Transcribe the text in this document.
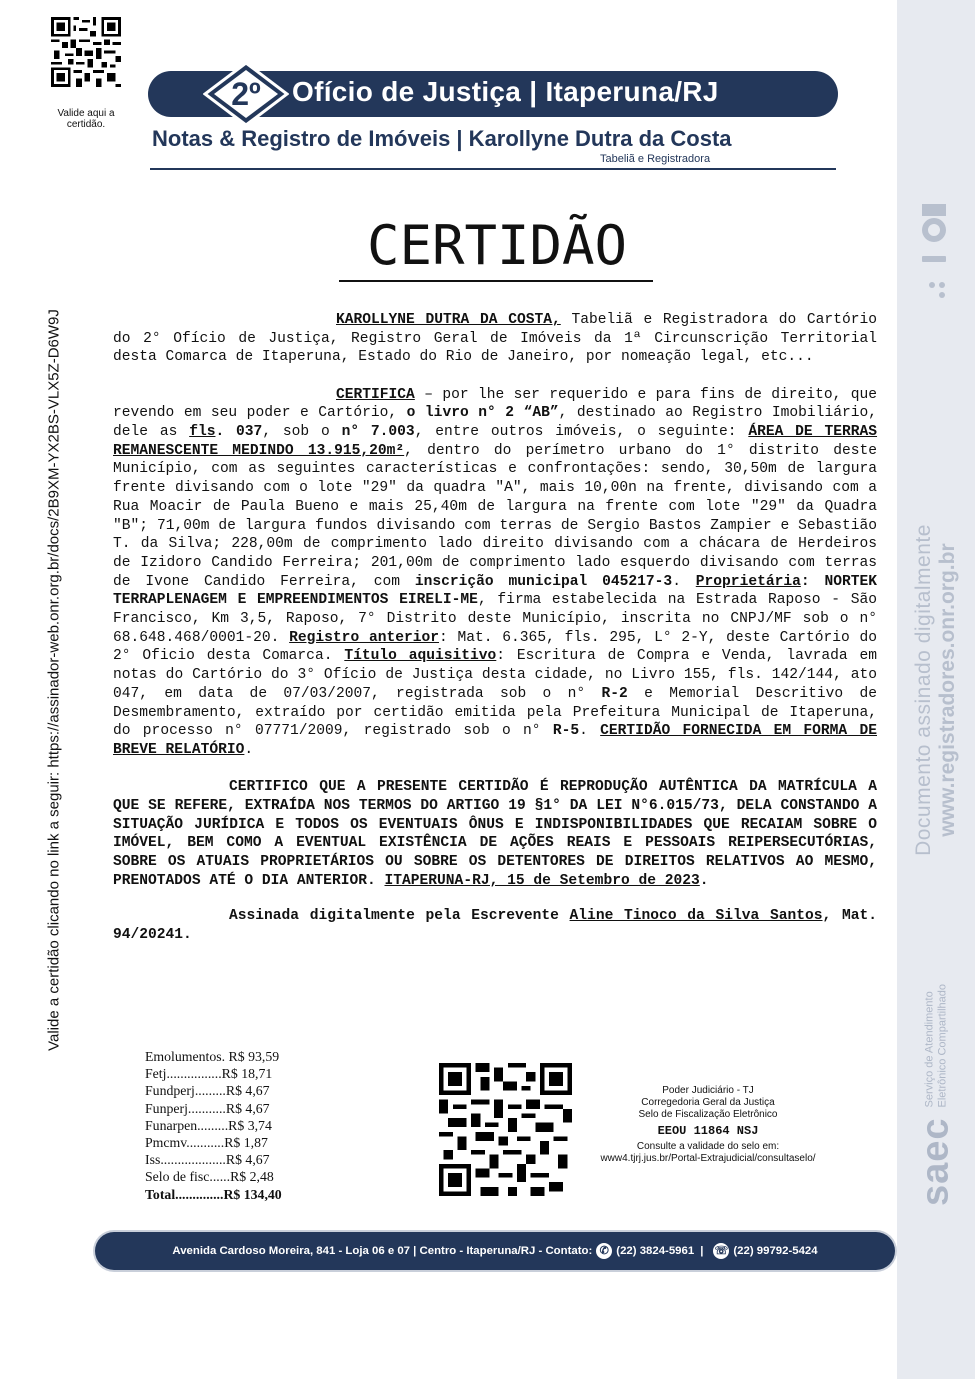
Documento assinado digitalmente www.registradores.onr.org.br
saec
Serviço de Atendimento
Eletrônico Compartilhado
Valide a certidão clicando no link a seguir: https://assinador-web.onr.org.br/docs/2B9XM-YX2BS-VLX5Z-D6W9J
Valide aqui a certidão.
2º Ofício de Justiça | Itaperuna/RJ
Notas & Registro de Imóveis | Karollyne Dutra da Costa
Tabeliã e Registradora
CERTIDÃO

KAROLLYNE DUTRA DA COSTA, Tabeliã e Registradora do Cartório do 2° Ofício de Justiça, Registro Geral de Imóveis da 1ª Circunscrição Territorial desta Comarca de Itaperuna, Estado do Rio de Janeiro, por nomeação legal, etc...

CERTIFICA – por lhe ser requerido e para fins de direito, que revendo em seu poder e Cartório, o livro n° 2 “AB”, destinado ao Registro Imobiliário, dele as fls. 037, sob o n° 7.003, entre outros imóveis, o seguinte: ÁREA DE TERRAS REMANESCENTE MEDINDO 13.915,20m², dentro do perímetro urbano do 1° distrito deste Município, com as seguintes características e confrontações: sendo, 30,50m de largura frente divisando com o lote "29" da quadra "A", mais 10,00n na frente, divisando com a Rua Moacir de Paula Bueno e mais 25,40m de largura na frente com lote "29" da Quadra "B"; 71,00m de largura fundos divisando com terras de Sergio Bastos Zampier e Sebastião T. da Silva; 228,00m de comprimento lado direito divisando com a chácara de Herdeiros de Izidoro Candido Ferreira; 201,00m de comprimento lado esquerdo divisando com terras de Ivone Candido Ferreira, com inscrição municipal 045217-3. Proprietária: NORTEK TERRAPLENAGEM E EMPREENDIMENTOS EIRELI-ME, firma estabelecida na Estrada Raposo - São Francisco, Km 3,5, Raposo, 7° Distrito deste Município, inscrita no CNPJ/MF sob o n° 68.648.468/0001-20. Registro anterior: Mat. 6.365, fls. 295, L° 2-Y, deste Cartório do 2° Oficio desta Comarca. Título aquisitivo: Escritura de Compra e Venda, lavrada em notas do Cartório do 3° Ofício de Justiça desta cidade, no Livro 155, fls. 142/144, ato 047, em data de 07/03/2007, registrada sob o n° R-2 e Memorial Descritivo de Desmembramento, extraído por certidão emitida pela Prefeitura Municipal de Itaperuna, do processo n° 07771/2009, registrado sob o n° R-5. CERTIDÃO FORNECIDA EM FORMA DE BREVE RELATÓRIO.

CERTIFICO QUE A PRESENTE CERTIDÃO É REPRODUÇÃO AUTÊNTICA DA MATRÍCULA A QUE SE REFERE, EXTRAÍDA NOS TERMOS DO ARTIGO 19 §1° DA LEI N°6.015/73, DELA CONSTANDO A SITUAÇÃO JURÍDICA E TODOS OS EVENTUAIS ÔNUS E INDISPONIBILIDADES QUE RECAIAM SOBRE O IMÓVEL, BEM COMO A EVENTUAL EXISTÊNCIA DE AÇÕES REAIS E PESSOAIS REIPERSECUTÓRIAS, SOBRE OS ATUAIS PROPRIETÁRIOS OU SOBRE OS DETENTORES DE DIREITOS RELATIVOS AO MESMO, PRENOTADOS ATÉ O DIA ANTERIOR. ITAPERUNA-RJ, 15 de Setembro de 2023.

Assinada digitalmente pela Escrevente Aline Tinoco da Silva Santos, Mat. 94/20241.

Emolumentos. R$ 93,59
Fetj................ R$ 18,71
Fundperj......... R$ 4,67
Funperj........... R$ 4,67
Funarpen......... R$ 3,74
Pmcmv........... R$ 1,87
Iss................... R$ 4,67
Selo de fisc...... R$ 2,48
Total.............. R$ 134,40
Poder Judiciário - TJ
Corregedoria Geral da Justiça
Selo de Fiscalização Eletrônico
EEOU 11864 NSJ
Consulte a validade do selo em:
www4.tjrj.jus.br/Portal-Extrajudicial/consultaselo/
Avenida Cardoso Moreira, 841 - Loja 06 e 07 | Centro - Itaperuna/RJ - Contato: ✆ (22) 3824-5961 | ☏ (22) 99792-5424
